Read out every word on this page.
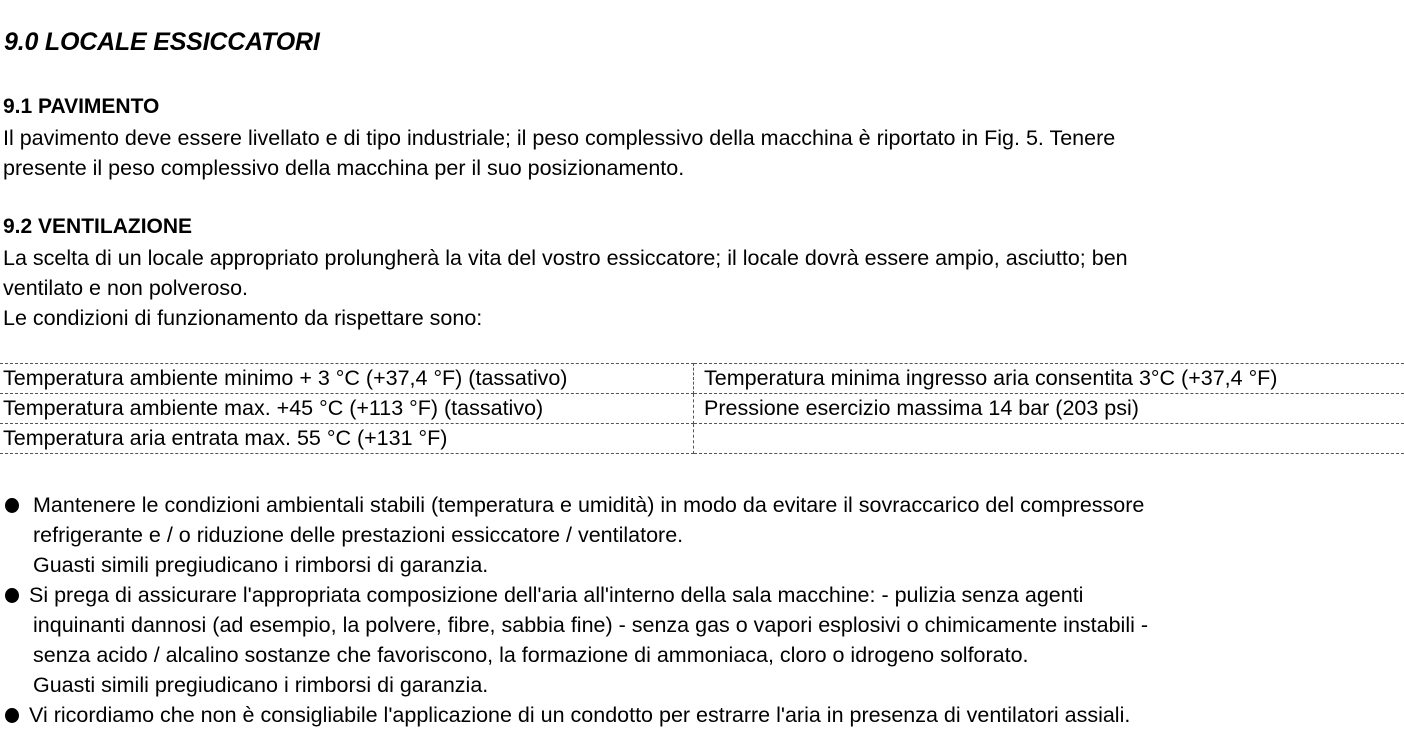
9.0 LOCALE ESSICCATORI
9.1 PAVIMENTO
Il pavimento deve essere livellato e di tipo industriale; il peso complessivo della macchina è riportato in Fig. 5. Tenere
presente il peso complessivo della macchina per il suo posizionamento.
9.2 VENTILAZIONE
La scelta di un locale appropriato prolungherà la vita del vostro essiccatore; il locale dovrà essere ampio, asciutto; ben
ventilato e non polveroso.
Le condizioni di funzionamento da rispettare sono:
Temperatura ambiente minimo + 3 °C (+37,4 °F) (tassativo)	Temperatura minima ingresso aria consentita 3°C (+37,4 °F)
Temperatura ambiente max. +45 °C (+113 °F) (tassativo)	Pressione esercizio massima 14 bar (203 psi)
Temperatura aria entrata max. 55 °C (+131 °F)	
Mantenere le condizioni ambientali stabili (temperatura e umidità) in modo da evitare il sovraccarico del compressore
refrigerante e / o riduzione delle prestazioni essiccatore / ventilatore.
Guasti simili pregiudicano i rimborsi di garanzia.
Si prega di assicurare l'appropriata composizione dell'aria all'interno della sala macchine: - pulizia senza agenti
inquinanti dannosi (ad esempio, la polvere, fibre, sabbia fine) - senza gas o vapori esplosivi o chimicamente instabili -
senza acido / alcalino sostanze che favoriscono, la formazione di ammoniaca, cloro o idrogeno solforato.
Guasti simili pregiudicano i rimborsi di garanzia.
Vi ricordiamo che non è consigliabile l'applicazione di un condotto per estrarre l'aria in presenza di ventilatori assiali.
